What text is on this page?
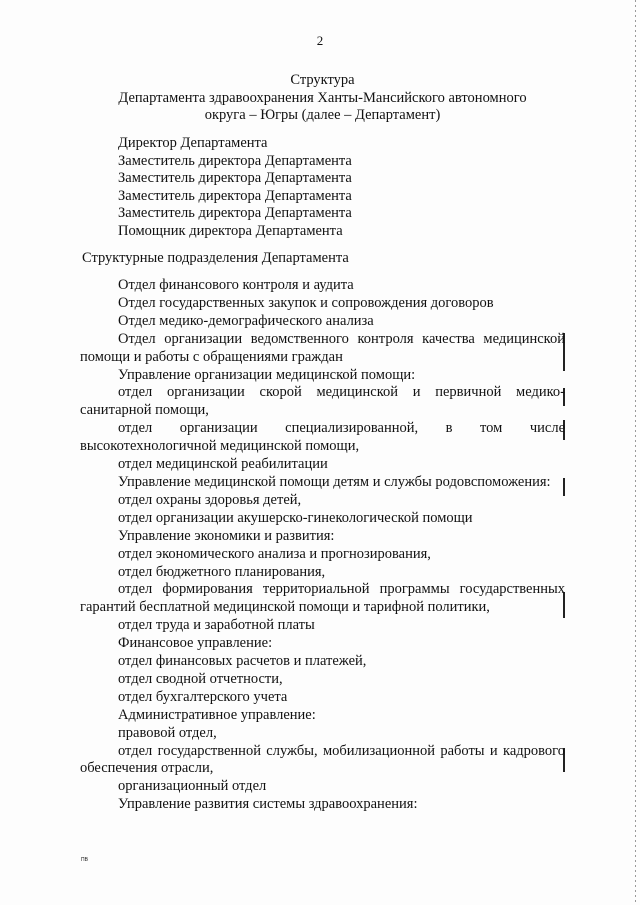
2
Структура
Департамента здравоохранения Ханты-Мансийского автономного
округа – Югры (далее – Департамент)
Директор Департамента
Заместитель директора Департамента
Заместитель директора Департамента
Заместитель директора Департамента
Заместитель директора Департамента
Помощник директора Департамента
Структурные подразделения Департамента

Отдел финансового контроля и аудита

Отдел государственных закупок и сопровождения договоров

Отдел медико-демографического анализа

Отдел организации ведомственного контроля качества медицинской помощи и работы с обращениями граждан

Управление организации медицинской помощи:

отдел организации скорой медицинской и первичной медико-санитарной помощи,

отдел организации специализированной, в том числе высокотехнологичной медицинской помощи,

отдел медицинской реабилитации

Управление медицинской помощи детям и службы родовспоможения:

отдел охраны здоровья детей,

отдел организации акушерско-гинекологической помощи

Управление экономики и развития:

отдел экономического анализа и прогнозирования,

отдел бюджетного планирования,

отдел формирования территориальной программы государственных гарантий бесплатной медицинской помощи и тарифной политики,

отдел труда и заработной платы

Финансовое управление:

отдел финансовых расчетов и платежей,

отдел сводной отчетности,

отдел бухгалтерского учета

Административное управление:

правовой отдел,

отдел государственной службы, мобилизационной работы и кадрового обеспечения отрасли,

организационный отдел

Управление развития системы здравоохранения:

ПВ
